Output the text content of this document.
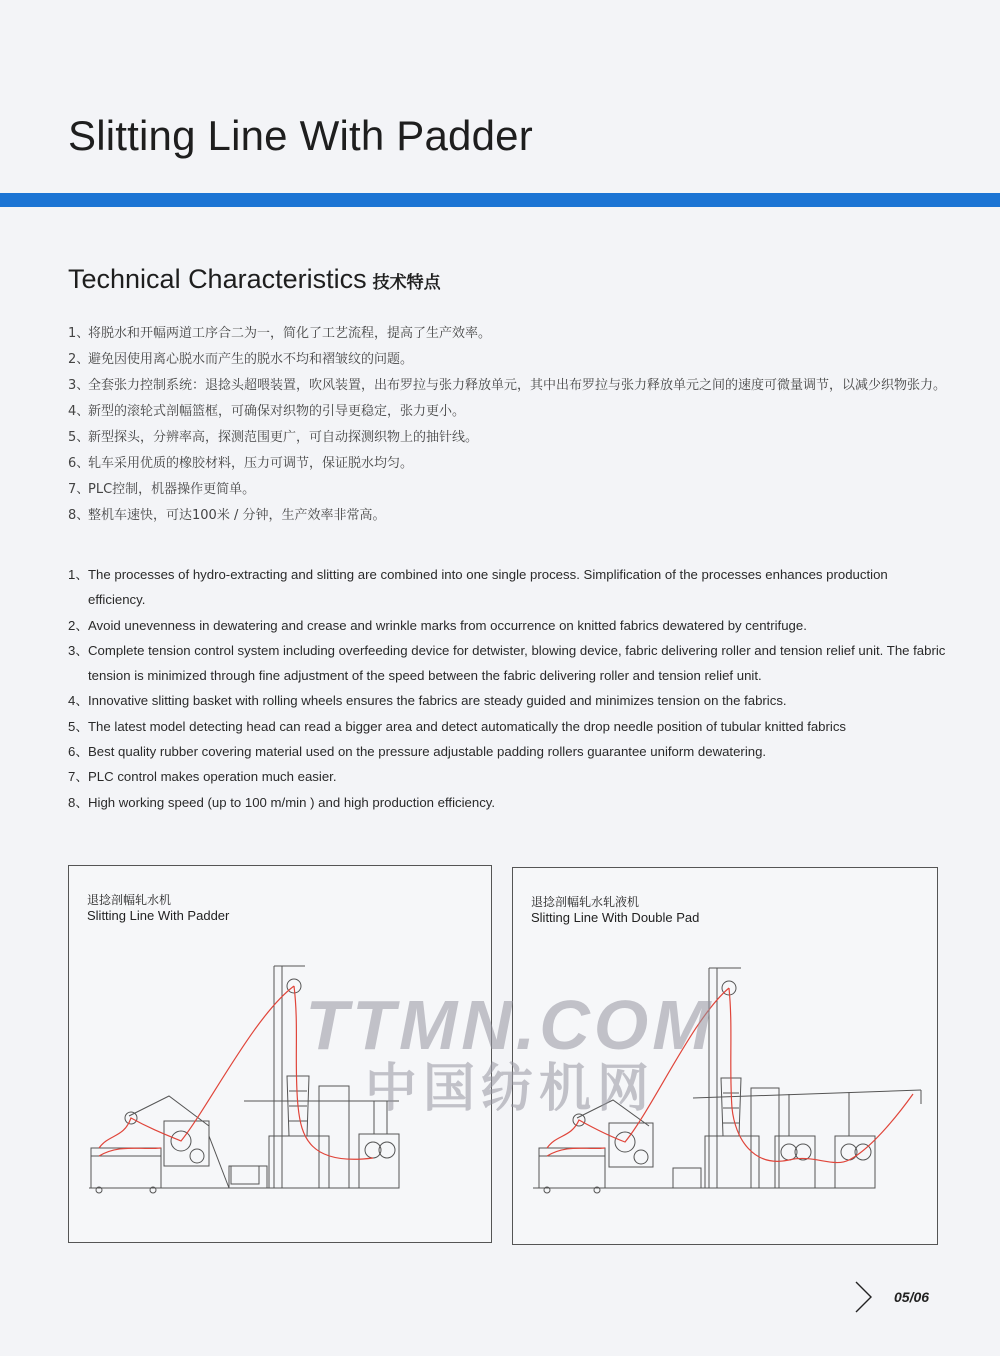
Slitting Line With Padder
Technical Characteristics 技术特点
1、
将脱水和开幅两道工序合二为一，简化了工艺流程，提高了生产效率。
2、
避免因使用离心脱水而产生的脱水不均和褶皱纹的问题。
3、
全套张力控制系统：退捻头超喂装置，吹风装置，出布罗拉与张力释放单元，其中出布罗拉与张力释放单元之间的速度可微量调节，以减少织物张力。
4、
新型的滚轮式剖幅篮框，可确保对织物的引导更稳定，张力更小。
5、
新型探头，分辨率高，探测范围更广，可自动探测织物上的抽针线。
6、
轧车采用优质的橡胶材料，压力可调节，保证脱水均匀。
7、
PLC控制，机器操作更简单。
8、
整机车速快，可达100米 / 分钟，生产效率非常高。
1、 The processes of hydro-extracting and slitting are combined into one single process. Simplification of the processes enhances production efficiency.
2、 Avoid unevenness in dewatering and crease and wrinkle marks from occurrence on knitted fabrics dewatered by centrifuge.
3、 Complete tension control system including overfeeding device for detwister, blowing device, fabric delivering roller and tension relief unit. The fabric tension is minimized through fine adjustment of the speed between the fabric delivering roller and tension relief unit.
4、 Innovative slitting basket with rolling wheels ensures the fabrics are steady guided and minimizes tension on the fabrics.
5、 The latest model detecting head can read a bigger area and detect automatically the drop needle position of tubular knitted fabrics
6、 Best quality rubber covering material used on the pressure adjustable padding rollers guarantee uniform dewatering.
7、 PLC control makes operation much easier.
8、 High working speed (up to 100 m/min ) and high production efficiency.
退捻剖幅轧水机
Slitting Line With Padder
退捻剖幅轧水轧液机
Slitting Line With Double Pad
TTMN.COM
中国纺机网
05/06
